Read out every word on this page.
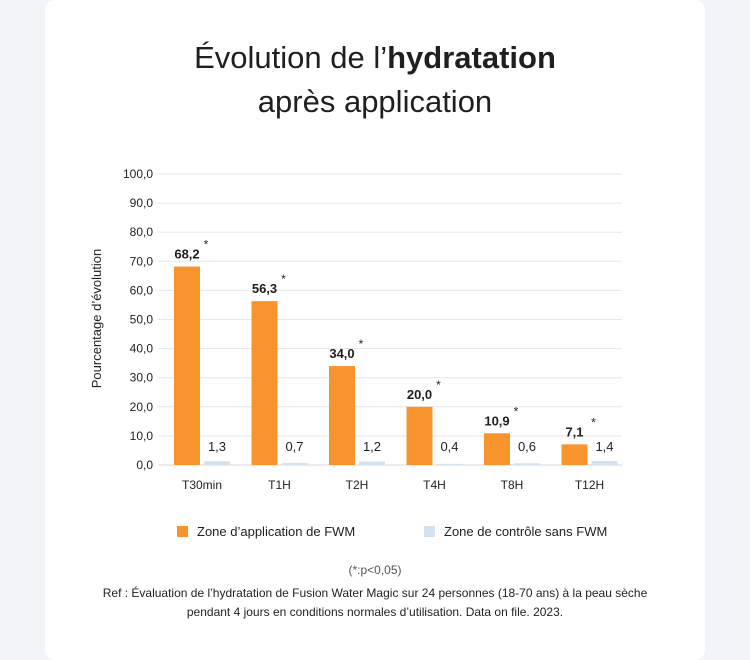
Évolution de l’hydratation
après application
0,0
10,0
20,0
30,0
40,0
50,0
60,0
70,0
80,0
90,0
100,0
68,2
*
56,3
*
34,0
*
20,0
*
10,9
*
7,1
*
1,3	0,7	1,2	0,4	0,6	1,4
T30min	T1H	T2H	T4H	T8H	T12H
Pourcentage d’évolution
Zone d’application de FWM	Zone de contrôle sans FWM
(*:p<0,05)
Ref : Évaluation de l’hydratation de Fusion Water Magic sur 24 personnes (18-70 ans) à la peau sèche
pendant 4 jours en conditions normales d’utilisation. Data on file. 2023.
